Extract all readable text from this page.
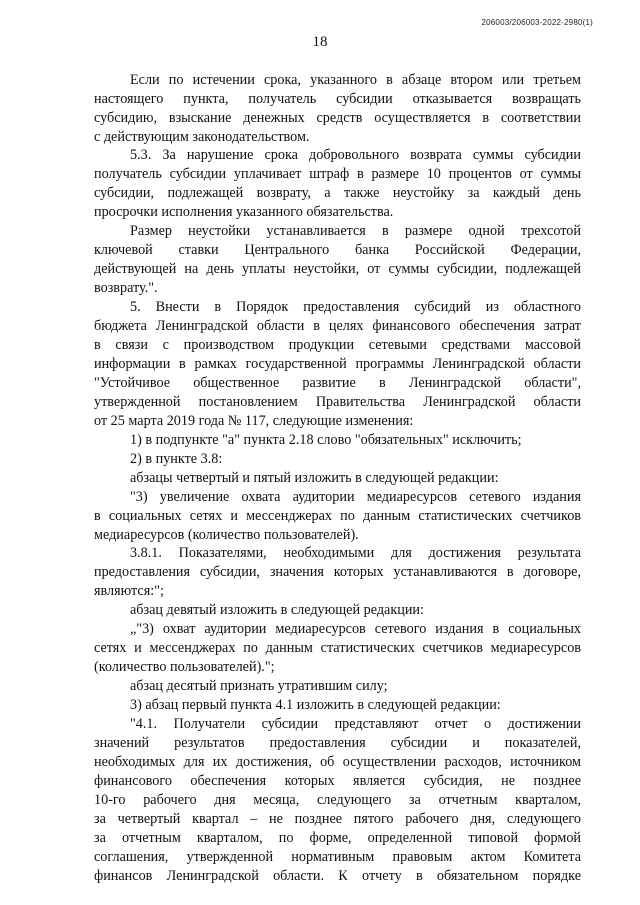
206003/206003-2022-2980(1)
18
Если по истечении срока, указанного в абзаце втором или третьем
настоящего пункта, получатель субсидии отказывается возвращать
субсидию, взыскание денежных средств осуществляется в соответствии
с действующим законодательством.
5.3. За нарушение срока добровольного возврата суммы субсидии
получатель субсидии уплачивает штраф в размере 10 процентов от суммы
субсидии, подлежащей возврату, а также неустойку за каждый день
просрочки исполнения указанного обязательства.
Размер неустойки устанавливается в размере одной трехсотой
ключевой ставки Центрального банка Российской Федерации,
действующей на день уплаты неустойки, от суммы субсидии, подлежащей
возврату.".
5. Внести в Порядок предоставления субсидий из областного
бюджета Ленинградской области в целях финансового обеспечения затрат
в связи с производством продукции сетевыми средствами массовой
информации в рамках государственной программы Ленинградской области
"Устойчивое общественное развитие в Ленинградской области",
утвержденной постановлением Правительства Ленинградской области
от 25 марта 2019 года № 117, следующие изменения:
1) в подпункте "а" пункта 2.18 слово "обязательных" исключить;
2) в пункте 3.8:
абзацы четвертый и пятый изложить в следующей редакции:
"3) увеличение охвата аудитории медиаресурсов сетевого издания
в социальных сетях и мессенджерах по данным статистических счетчиков
медиаресурсов (количество пользователей).
3.8.1. Показателями, необходимыми для достижения результата
предоставления субсидии, значения которых устанавливаются в договоре,
являются:";
абзац девятый изложить в следующей редакции:
„"3) охват аудитории медиаресурсов сетевого издания в социальных
сетях и мессенджерах по данным статистических счетчиков медиаресурсов
(количество пользователей).";
абзац десятый признать утратившим силу;
3) абзац первый пункта 4.1 изложить в следующей редакции:
"4.1. Получатели субсидии представляют отчет о достижении
значений результатов предоставления субсидии и показателей,
необходимых для их достижения, об осуществлении расходов, источником
финансового обеспечения которых является субсидия, не позднее
10-го рабочего дня месяца, следующего за отчетным кварталом,
за четвертый квартал – не позднее пятого рабочего дня, следующего
за отчетным кварталом, по форме, определенной типовой формой
соглашения, утвержденной нормативным правовым актом Комитета
финансов Ленинградской области. К отчету в обязательном порядке
